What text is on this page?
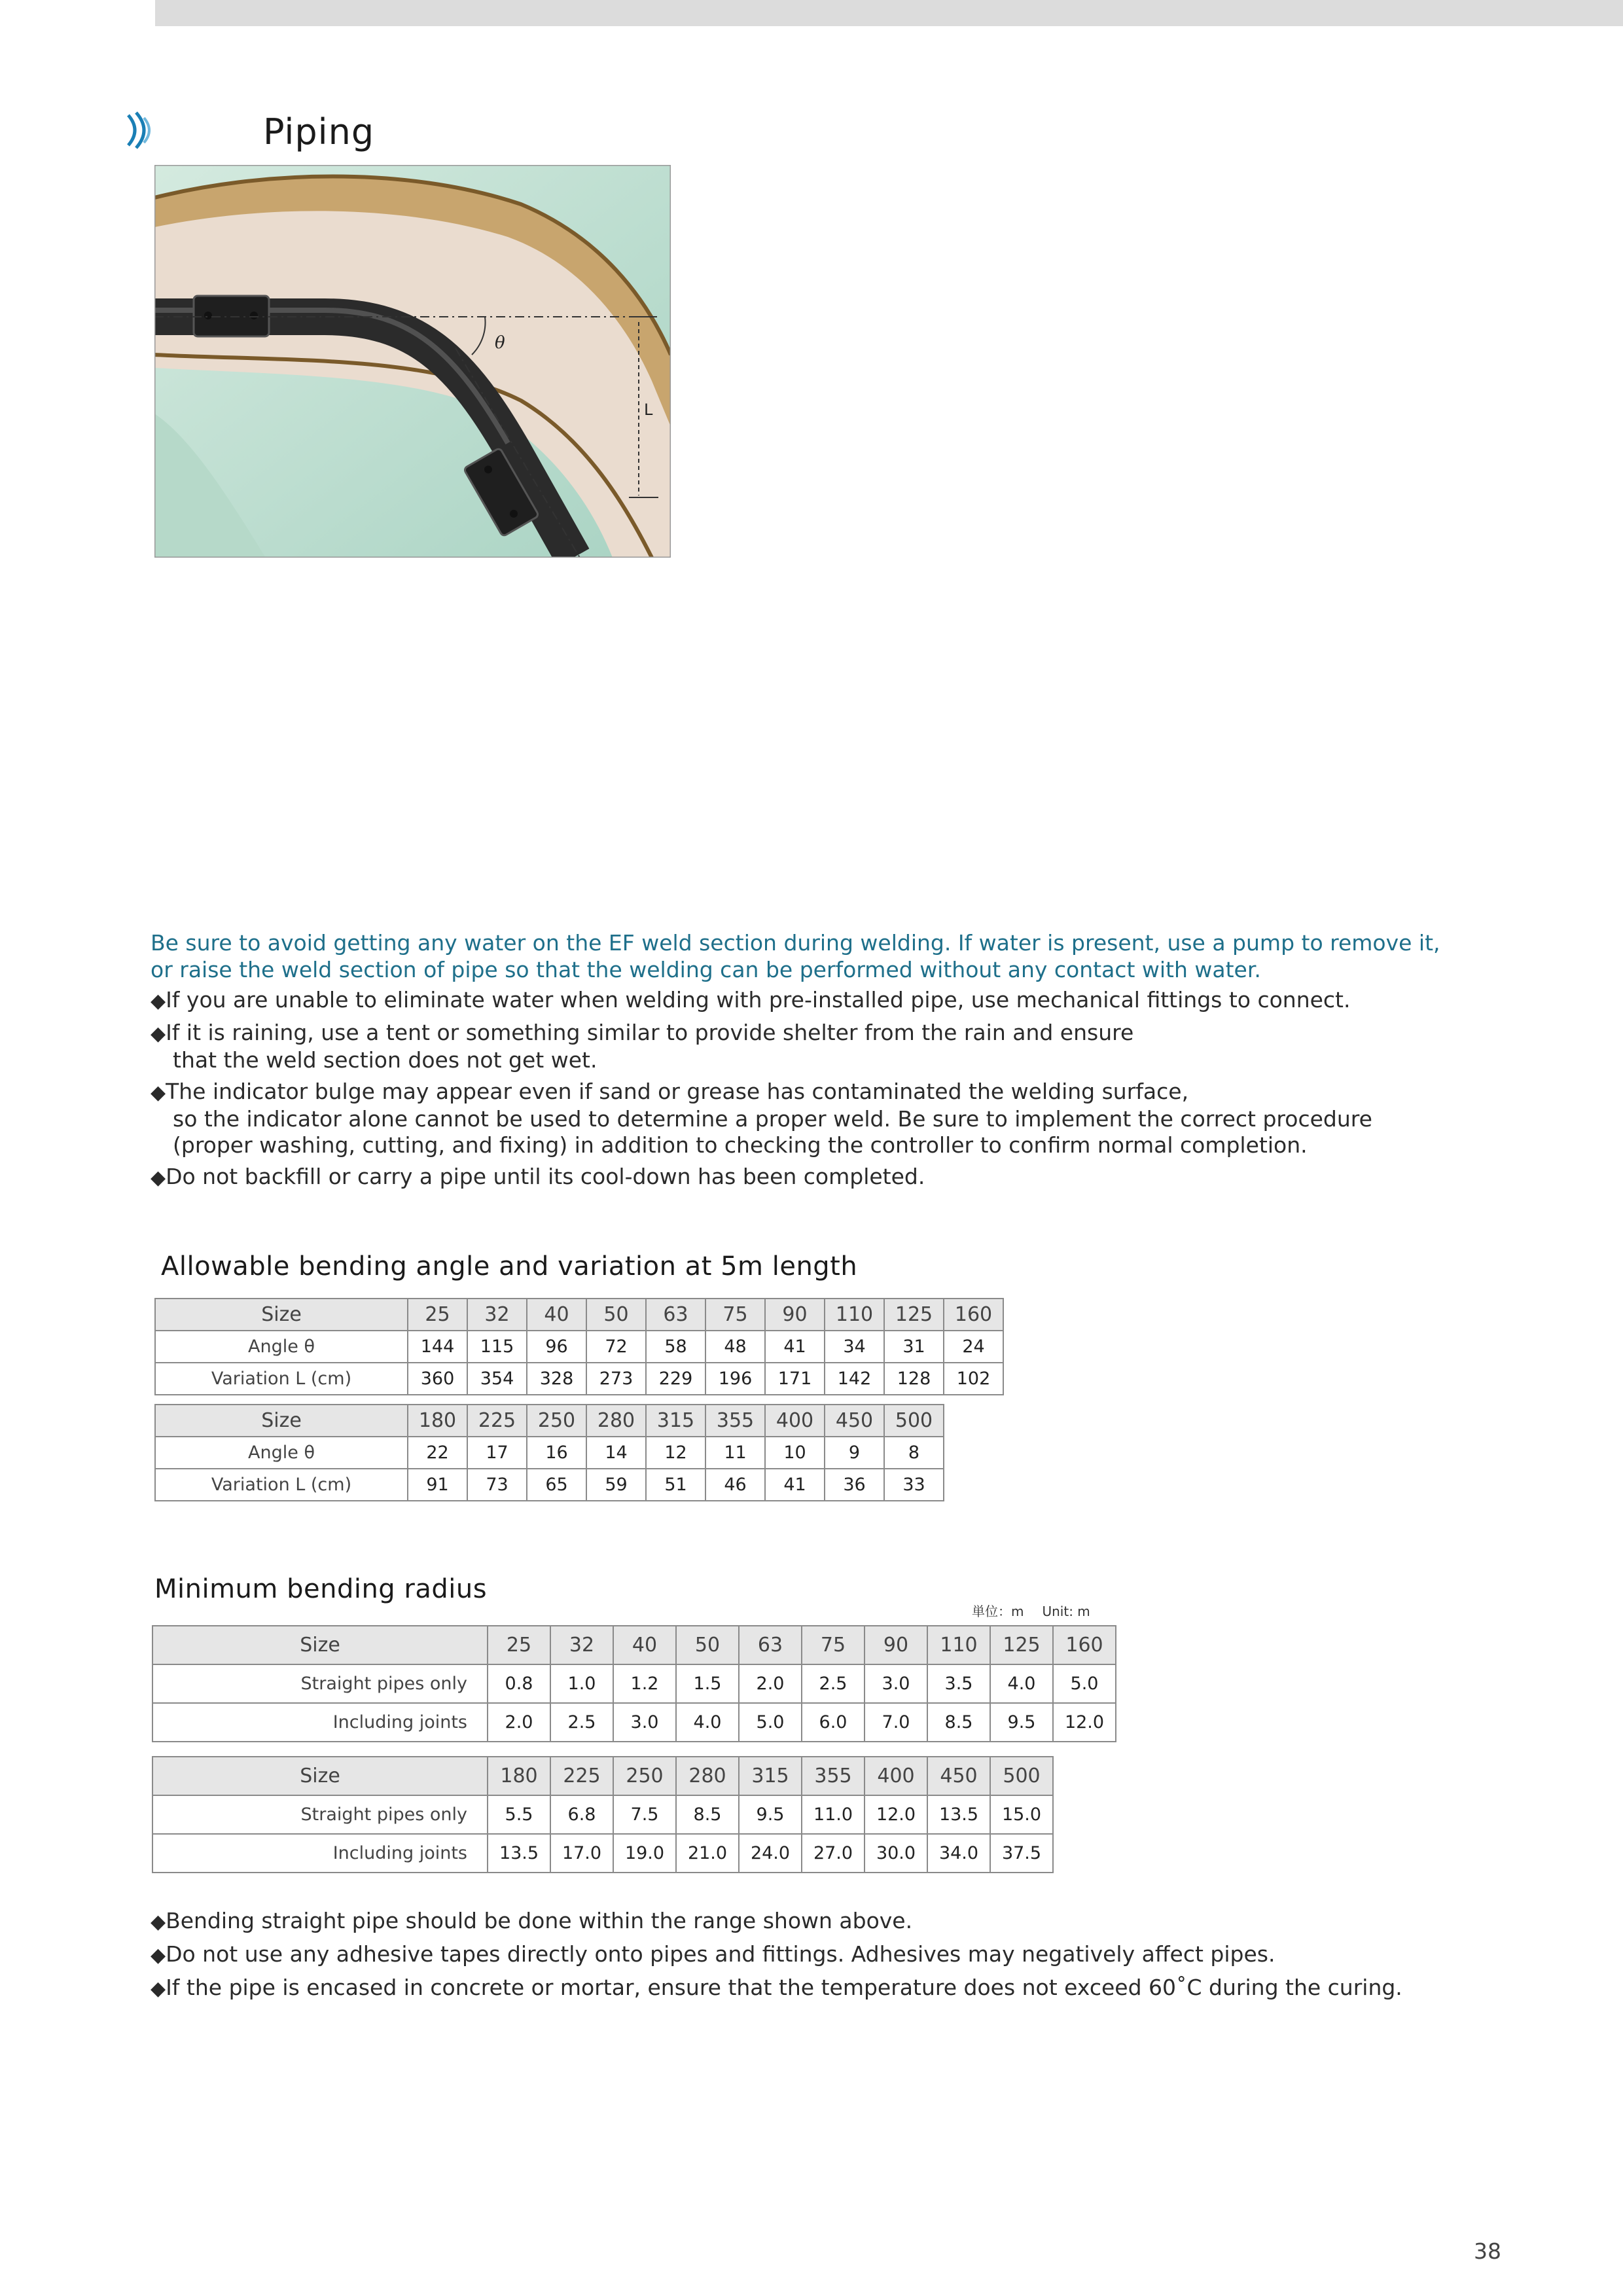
Piping
θ
L
Be sure to avoid getting any water on the EF weld section during welding. If water is present, use a pump to remove it,
or raise the weld section of pipe so that the welding can be performed without any contact with water.
◆If you are unable to eliminate water when welding with pre-installed pipe, use mechanical fittings to connect.
◆If it is raining, use a tent or something similar to provide shelter from the rain and ensure
that the weld section does not get wet.
◆The indicator bulge may appear even if sand or grease has contaminated the welding surface,
so the indicator alone cannot be used to determine a proper weld. Be sure to implement the correct procedure
(proper washing, cutting, and fixing) in addition to checking the controller to confirm normal completion.
◆Do not backfill or carry a pipe until its cool-down has been completed.
Allowable bending angle and variation at 5m length
Size	25	32	40	50	63	75	90	110	125	160
Angle θ	144	115	96	72	58	48	41	34	31	24
Variation L (cm)	360	354	328	273	229	196	171	142	128	102
Size	180	225	250	280	315	355	400	450	500
Angle θ	22	17	16	14	12	11	10	9	8
Variation L (cm)	91	73	65	59	51	46	41	36	33
Minimum bending radius
単位：m Unit: m
Size	25	32	40	50	63	75	90	110	125	160
Straight pipes only	0.8	1.0	1.2	1.5	2.0	2.5	3.0	3.5	4.0	5.0
Including joints	2.0	2.5	3.0	4.0	5.0	6.0	7.0	8.5	9.5	12.0
Size	180	225	250	280	315	355	400	450	500
Straight pipes only	5.5	6.8	7.5	8.5	9.5	11.0	12.0	13.5	15.0
Including joints	13.5	17.0	19.0	21.0	24.0	27.0	30.0	34.0	37.5
◆Bending straight pipe should be done within the range shown above.
◆Do not use any adhesive tapes directly onto pipes and fittings. Adhesives may negatively affect pipes.
◆If the pipe is encased in concrete or mortar, ensure that the temperature does not exceed 60˚C during the curing.
38
